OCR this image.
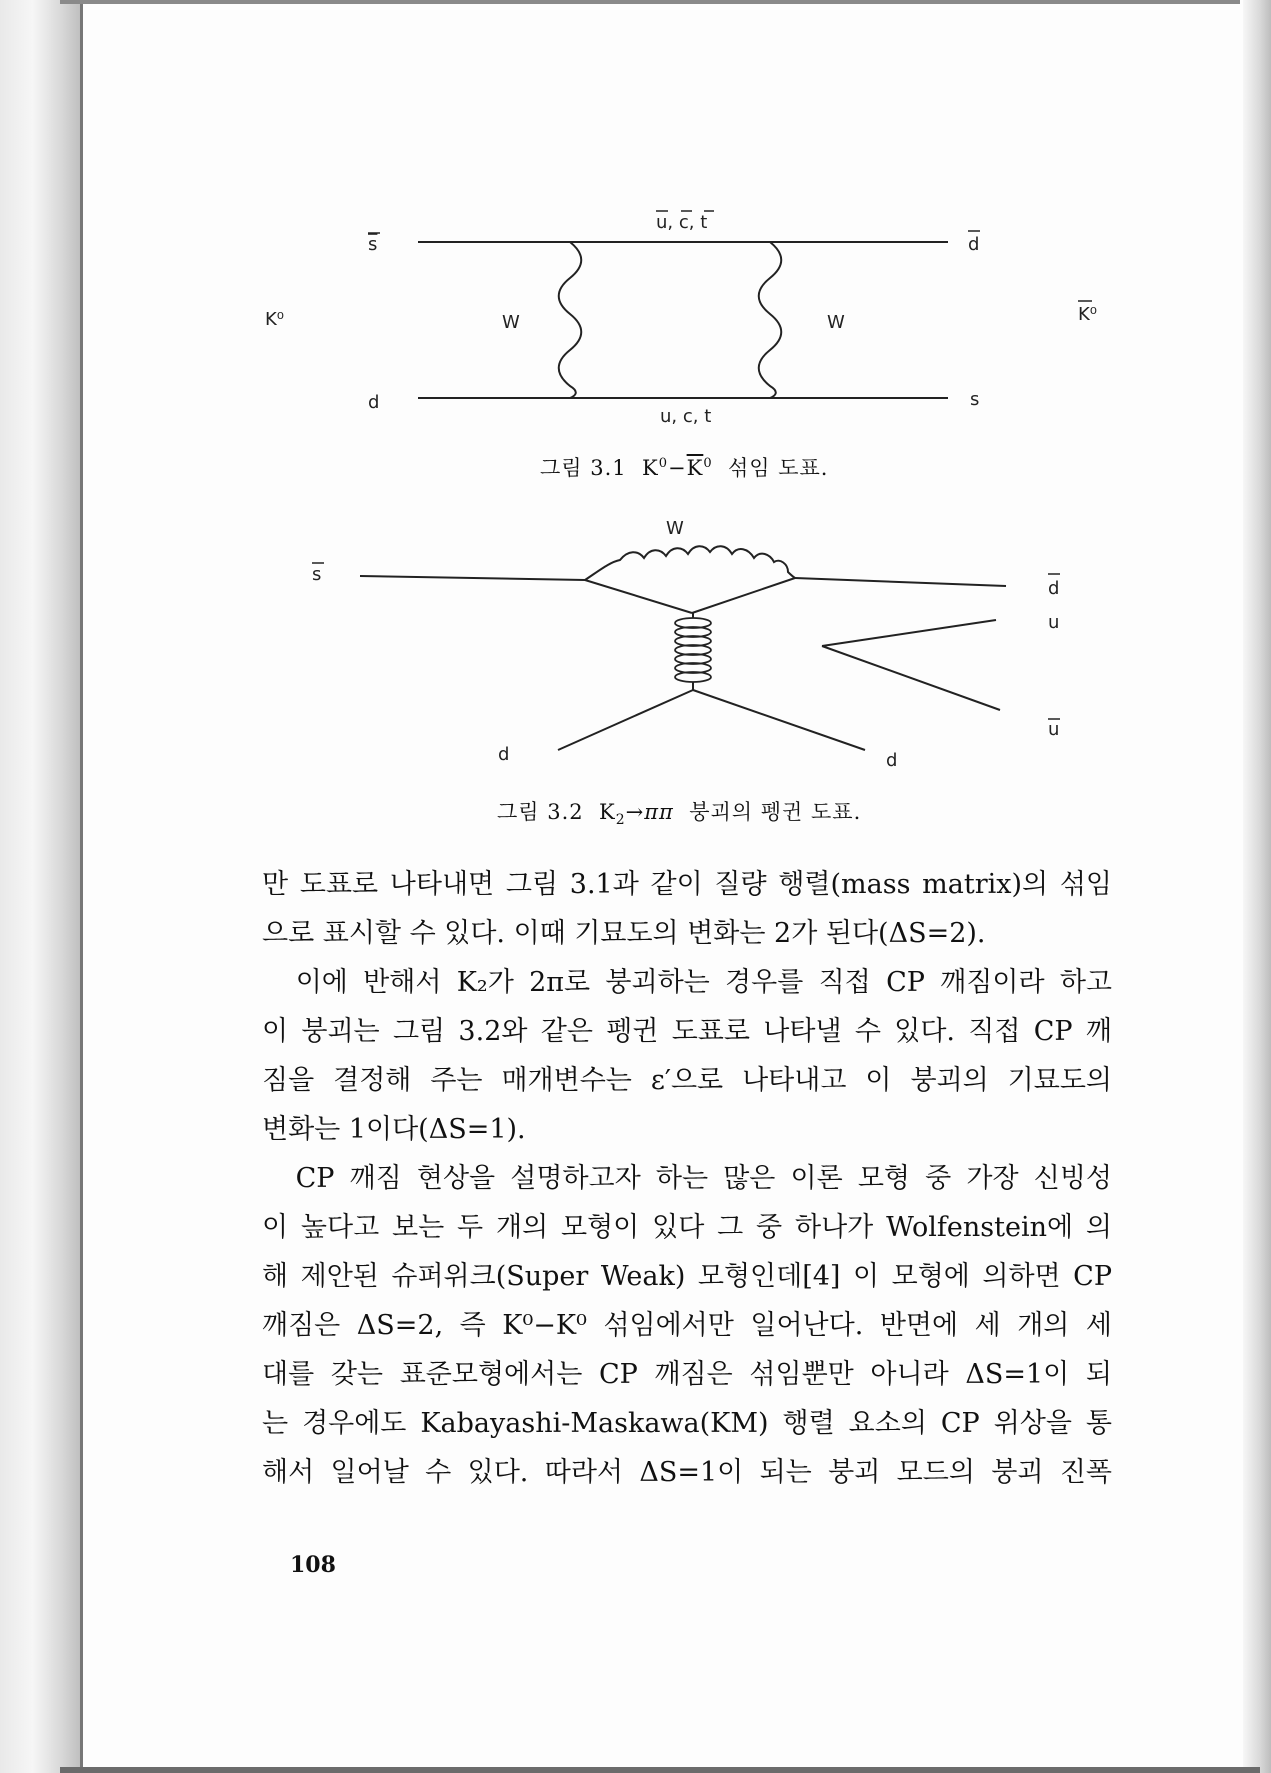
s
u, c, t
d
K⁰	K⁰
W	W
d
u, c, t
s
그림 3.1 $K^0-\overline{K}^0$ 섞임 도표.
W
s
d
u
u
d	d
그림 3.2 $K_2\to\pi\pi$ 붕괴의 펭귄 도표.
만 도표로 나타내면 그림 3.1과 같이 질량 행렬(mass matrix)의 섞임
으로 표시할 수 있다. 이때 기묘도의 변화는 2가 된다(ΔS=2).
　이에 반해서 K₂가 2π로 붕괴하는 경우를 직접 CP 깨짐이라 하고
이 붕괴는 그림 3.2와 같은 펭귄 도표로 나타낼 수 있다. 직접 CP 깨
짐을 결정해 주는 매개변수는 ε′으로 나타내고 이 붕괴의 기묘도의
변화는 1이다(ΔS=1).
　CP 깨짐 현상을 설명하고자 하는 많은 이론 모형 중 가장 신빙성
이 높다고 보는 두 개의 모형이 있다 그 중 하나가 Wolfenstein에 의
해 제안된 슈퍼위크(Super Weak) 모형인데[4] 이 모형에 의하면 CP
깨짐은 ΔS=2, 즉 K⁰−K⁰ 섞임에서만 일어난다. 반면에 세 개의 세
대를 갖는 표준모형에서는 CP 깨짐은 섞임뿐만 아니라 ΔS=1이 되
는 경우에도 Kabayashi-Maskawa(KM) 행렬 요소의 CP 위상을 통
해서 일어날 수 있다. 따라서 ΔS=1이 되는 붕괴 모드의 붕괴 진폭
108
